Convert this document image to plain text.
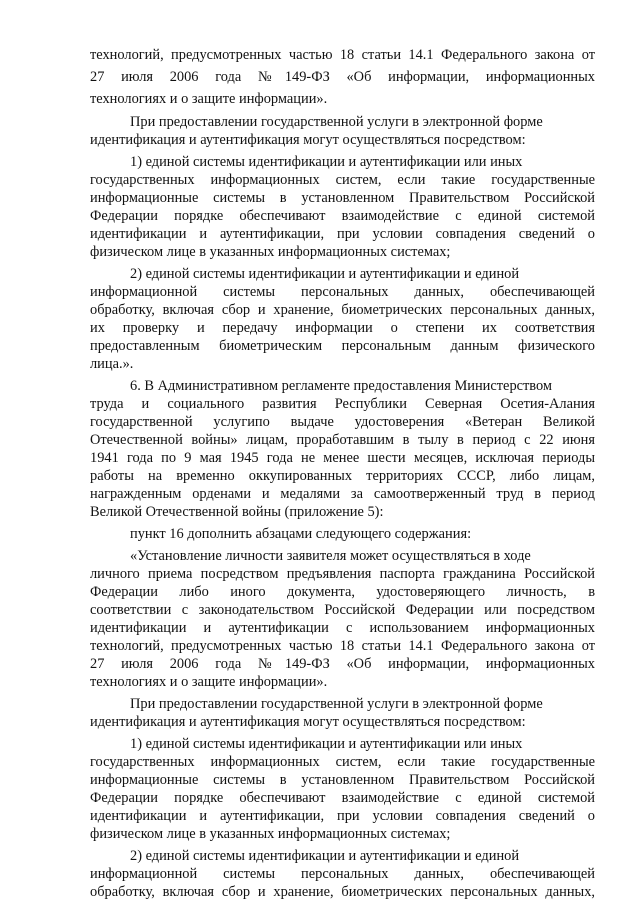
технологий, предусмотренных частью 18 статьи 14.1 Федерального закона от
27 июля 2006 года №149-ФЗ «Об информации, информационных
технологиях и о защите информации».
При предоставлении государственной услуги в электронной форме
идентификация и аутентификация могут осуществляться посредством:
1) единой системы идентификации и аутентификации или иных
государственных информационных систем, если такие государственные
информационные системы в установленном Правительством Российской
Федерации порядке обеспечивают взаимодействие с единой системой
идентификации и аутентификации, при условии совпадения сведений о
физическом лице в указанных информационных системах;
2) единой системы идентификации и аутентификации и единой
информационной системы персональных данных, обеспечивающей
обработку, включая сбор и хранение, биометрических персональных данных,
их проверку и передачу информации о степени их соответствия
предоставленным биометрическим персональным данным физического
лица.».
6. В Административном регламенте предоставления Министерством
труда и социального развития Республики Северная Осетия-Алания
государственной услугипо выдаче удостоверения «Ветеран Великой
Отечественной войны» лицам, проработавшим в тылу в период с 22 июня
1941 года по 9 мая 1945 года не менее шести месяцев, исключая периоды
работы на временно оккупированных территориях СССР, либо лицам,
награжденным орденами и медалями за самоотверженный труд в период
Великой Отечественной войны (приложение 5):
пункт 16 дополнить абзацами следующего содержания:
«Установление личности заявителя может осуществляться в ходе
личного приема посредством предъявления паспорта гражданина Российской
Федерации либо иного документа, удостоверяющего личность, в
соответствии с законодательством Российской Федерации или посредством
идентификации и аутентификации с использованием информационных
технологий, предусмотренных частью 18 статьи 14.1 Федерального закона от
27 июля 2006 года №149-ФЗ «Об информации, информационных
технологиях и о защите информации».
При предоставлении государственной услуги в электронной форме
идентификация и аутентификация могут осуществляться посредством:
1) единой системы идентификации и аутентификации или иных
государственных информационных систем, если такие государственные
информационные системы в установленном Правительством Российской
Федерации порядке обеспечивают взаимодействие с единой системой
идентификации и аутентификации, при условии совпадения сведений о
физическом лице в указанных информационных системах;
2) единой системы идентификации и аутентификации и единой
информационной системы персональных данных, обеспечивающей
обработку, включая сбор и хранение, биометрических персональных данных,
